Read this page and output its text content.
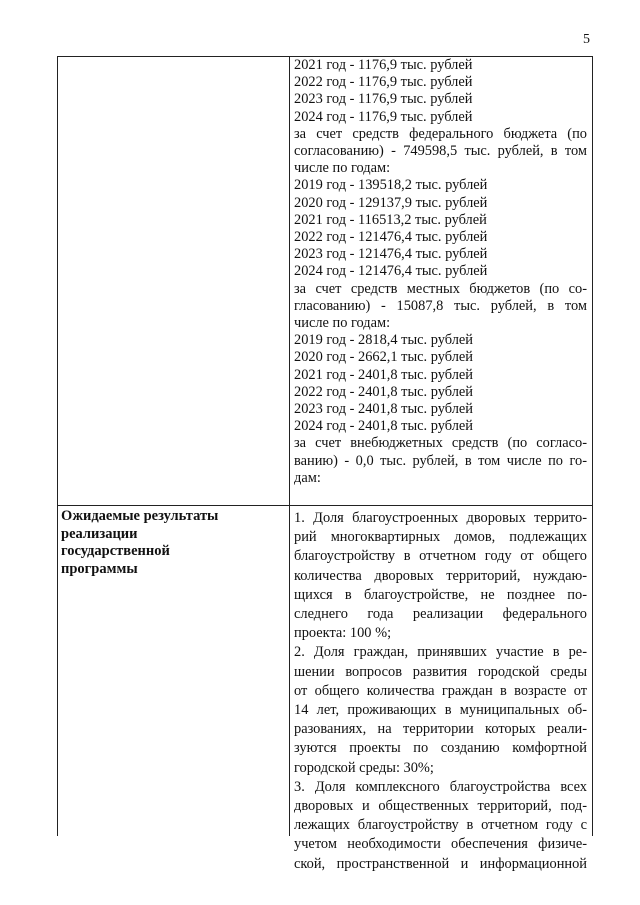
5
2021 год - 1176,9 тыс. рублей
2022 год - 1176,9 тыс. рублей
2023 год - 1176,9 тыс. рублей
2024 год - 1176,9 тыс. рублей
за счет средств федерального бюджета (по
согласованию) - 749598,5 тыс. рублей, в том
числе по годам:
2019 год - 139518,2 тыс. рублей
2020 год - 129137,9 тыс. рублей
2021 год - 116513,2 тыс. рублей
2022 год - 121476,4 тыс. рублей
2023 год - 121476,4 тыс. рублей
2024 год - 121476,4 тыс. рублей
за счет средств местных бюджетов (по со-
гласованию) - 15087,8 тыс. рублей, в том
числе по годам:
2019 год - 2818,4 тыс. рублей
2020 год - 2662,1 тыс. рублей
2021 год - 2401,8 тыс. рублей
2022 год - 2401,8 тыс. рублей
2023 год - 2401,8 тыс. рублей
2024 год - 2401,8 тыс. рублей
за счет внебюджетных средств (по согласо-
ванию) - 0,0 тыс. рублей, в том числе по го-
дам:
Ожидаемые результаты
реализации
государственной
программы
1. Доля благоустроенных дворовых террито-
рий многоквартирных домов, подлежащих
благоустройству в отчетном году от общего
количества дворовых территорий, нуждаю-
щихся в благоустройстве, не позднее по-
следнего года реализации федерального
проекта: 100 %;
2. Доля граждан, принявших участие в ре-
шении вопросов развития городской среды
от общего количества граждан в возрасте от
14 лет, проживающих в муниципальных об-
разованиях, на территории которых реали-
зуются проекты по созданию комфортной
городской среды: 30%;
3. Доля комплексного благоустройства всех
дворовых и общественных территорий, под-
лежащих благоустройству в отчетном году с
учетом необходимости обеспечения физиче-
ской, пространственной и информационной
